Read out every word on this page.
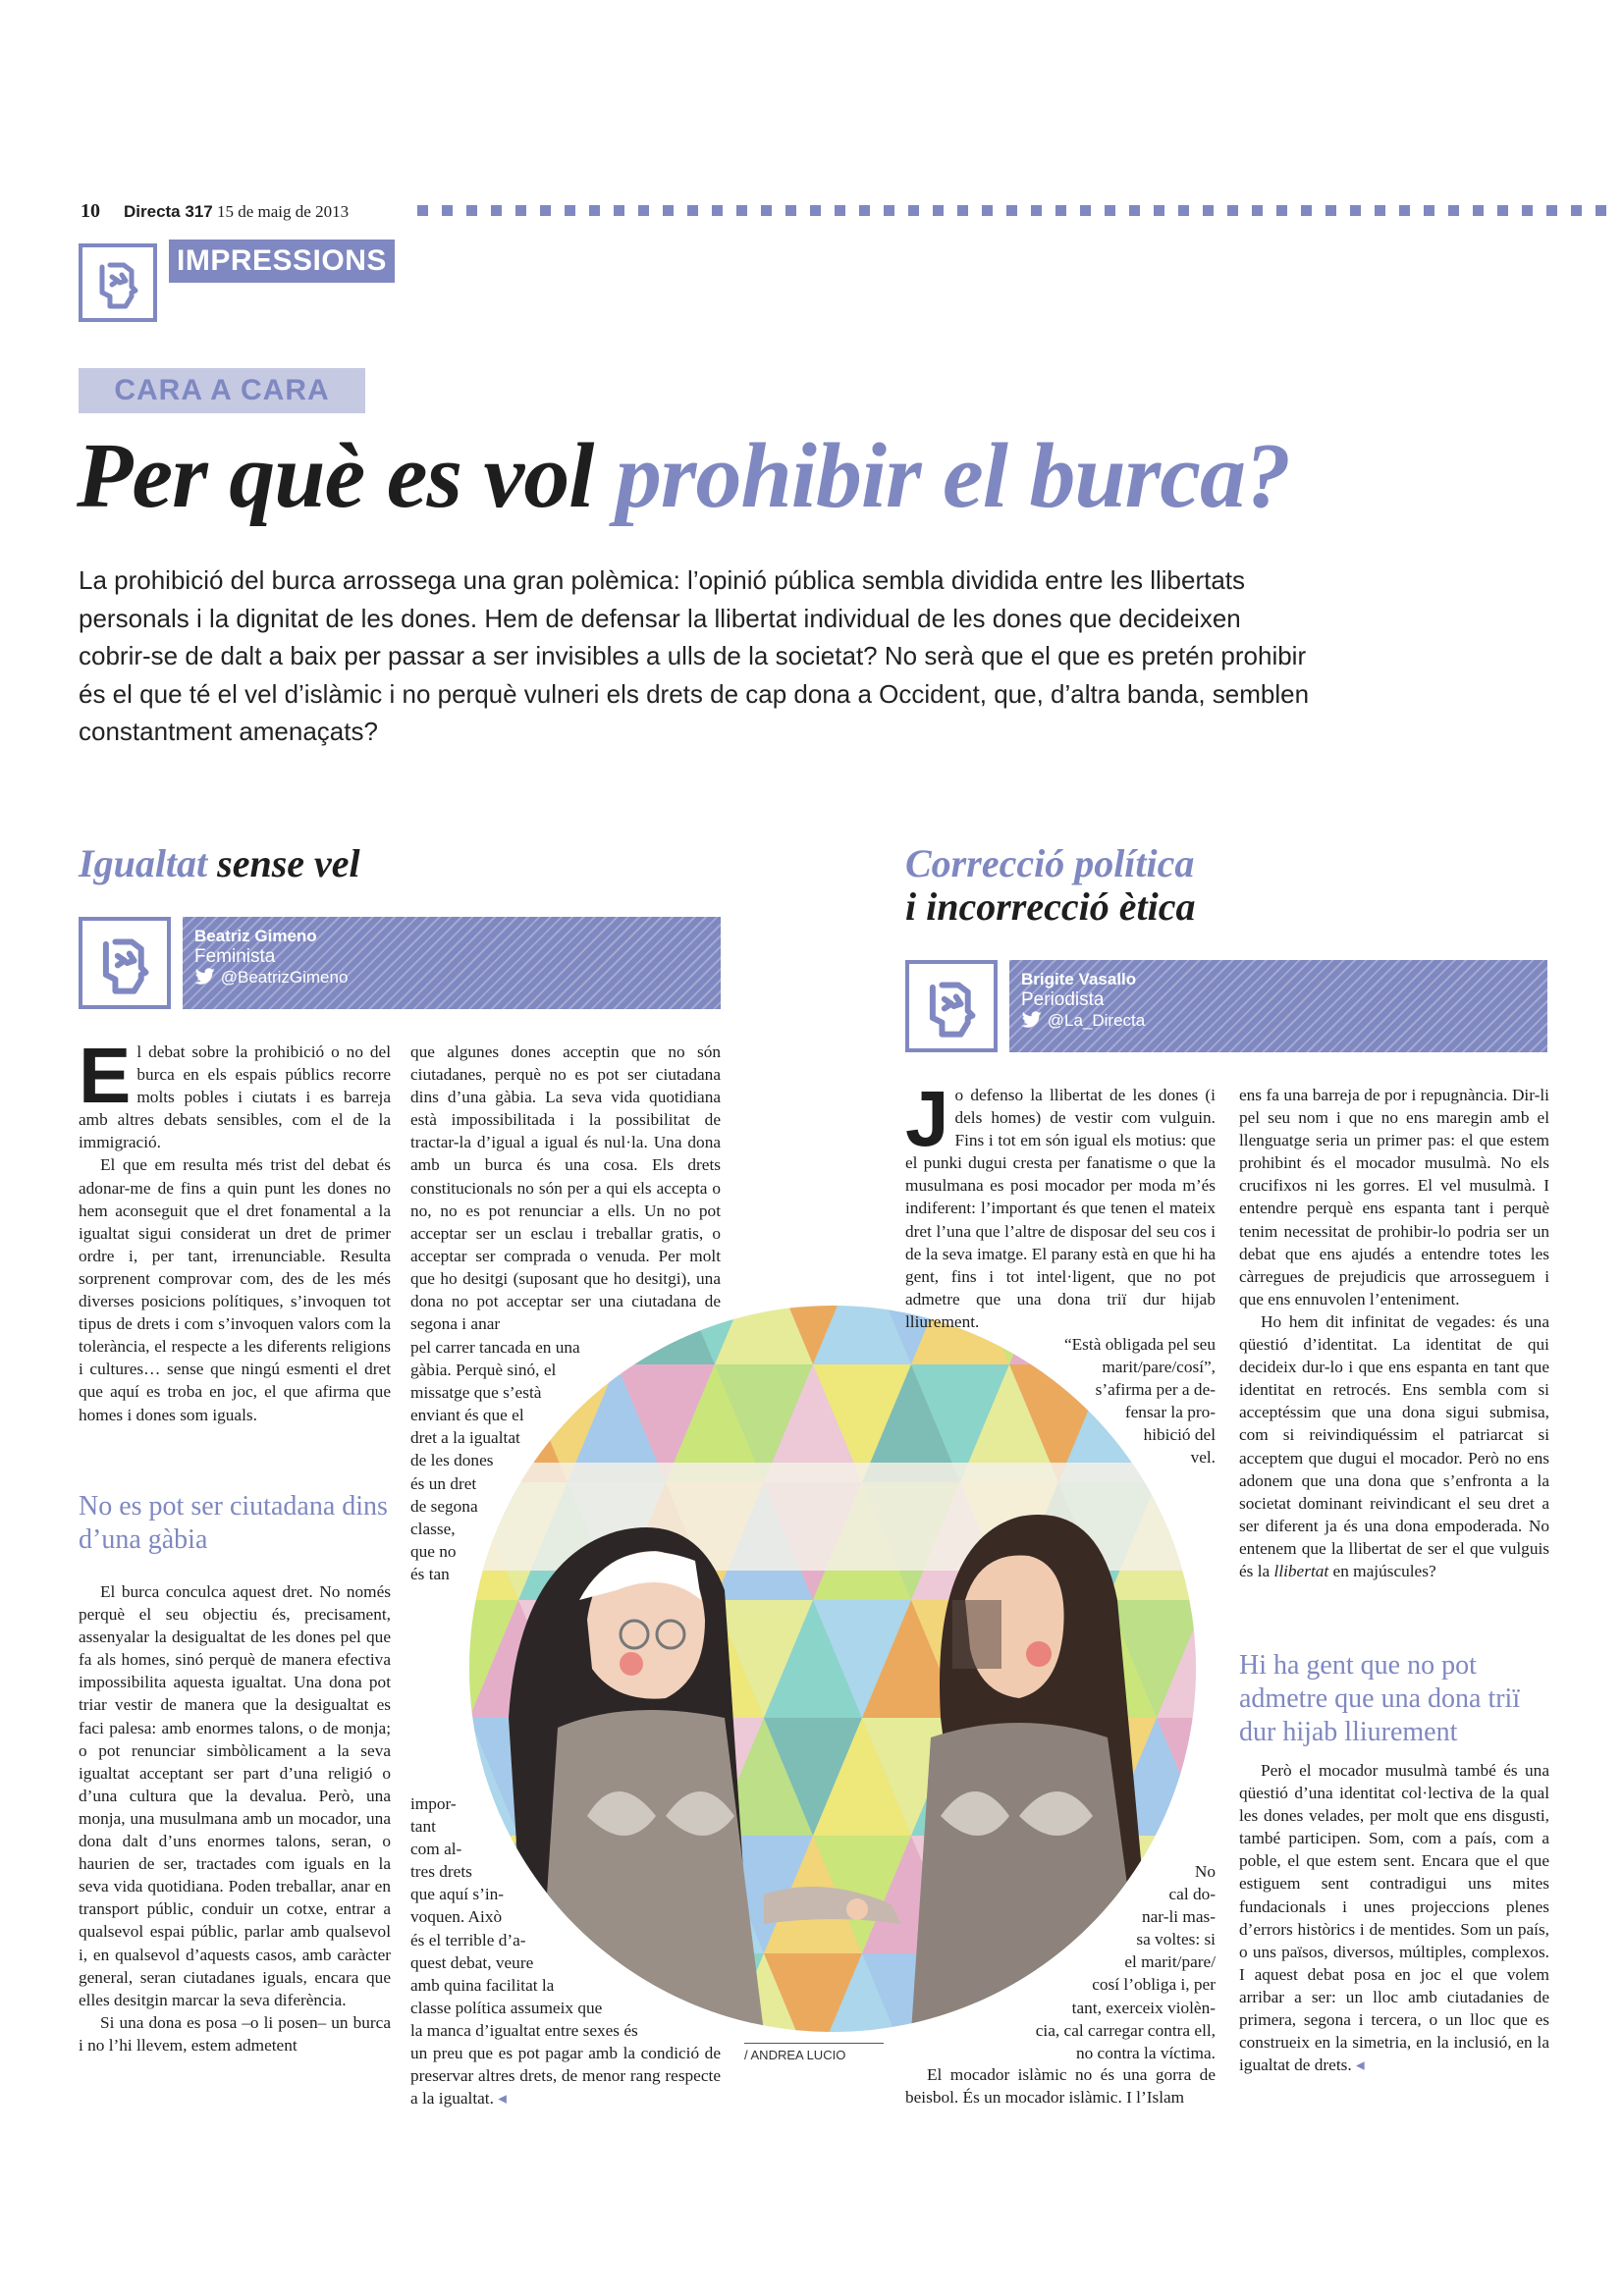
10 Directa 317 15 de maig de 2013
IMPRESSIONS
CARA A CARA
Per què es vol prohibir el burca?
La prohibició del burca arrossega una gran polèmica: l’opinió pública sembla dividida entre les llibertats personals i la dignitat de les dones. Hem de defensar la llibertat individual de les dones que decideixen cobrir-se de dalt a baix per passar a ser invisibles a ulls de la societat? No serà que el que es pretén prohibir és el que té el vel d’islàmic i no perquè vulneri els drets de cap dona a Occident, que, d’altra banda, semblen constantment amenaçats?
Igualtat sense vel
Beatriz Gimeno
Feminista
@BeatrizGimeno

El debat sobre la prohibició o no del burca en els espais públics recorre molts pobles i ciutats i es barreja amb altres debats sensibles, com el de la immigració.

El que em resulta més trist del debat és adonar-me de fins a quin punt les dones no hem aconseguit que el dret fonamental a la igualtat sigui considerat un dret de primer ordre i, per tant, irrenunciable. Resulta sorprenent comprovar com, des de les més diverses posicions polítiques, s’invoquen tot tipus de drets i com s’invoquen valors com la tolerància, el respecte a les diferents religions i cultures… sense que ningú esmenti el dret que aquí es troba en joc, el que afirma que homes i dones som iguals.

No es pot ser ciutadana dins d’una gàbia

El burca conculca aquest dret. No només perquè el seu objectiu és, precisament, assenyalar la desigualtat de les dones pel que fa als homes, sinó perquè de manera efectiva impossibilita aquesta igualtat. Una dona pot triar vestir de manera que la desigualtat es faci palesa: amb enormes talons, o de monja; o pot renunciar simbòlicament a la seva igualtat acceptant ser part d’una religió o d’una cultura que la devalua. Però, una monja, una musulmana amb un mocador, una dona dalt d’uns enormes talons, seran, o haurien de ser, tractades com iguals en la seva vida quotidiana. Poden treballar, anar en transport públic, conduir un cotxe, entrar a qualsevol espai públic, parlar amb qualsevol i, en qualsevol d’aquests casos, amb caràcter general, seran ciutadanes iguals, encara que elles desitgin marcar la seva diferència.

Si una dona es posa –o li posen– un burca i no l’hi llevem, estem admetent

que algunes dones acceptin que no són ciutadanes, perquè no es pot ser ciutadana dins d’una gàbia. La seva vida quotidiana està impossibilitada i la possibilitat de tractar-la d’igual a igual és nul·la. Una dona amb un burca és una cosa. Els drets constitucionals no són per a qui els accepta o no, no es pot renunciar a ells. Un no pot acceptar ser un esclau i treballar gratis, o acceptar ser comprada o venuda. Per molt que ho desitgi (suposant que ho desitgi), una dona no pot acceptar ser una ciutadana de segona i anar
pel carrer tancada en una
gàbia. Perquè sinó, el
missatge que s’està
enviant és que el
dret a la igualtat
de les dones
és un dret
de segona
classe,
que no
és tan
impor-
tant
com al-
tres drets
que aquí s’in-
voquen. Això
és el terrible d’a-
quest debat, veure
amb quina facilitat la
classe política assumeix que
la manca d’igualtat entre sexes és
un preu que es pot pagar amb la condició de preservar altres drets, de menor rang respecte a la igualtat. ◂
/ ANDREA LUCIO
Correcció política
i incorrecció ètica
Brigite Vasallo
Periodista
@La_Directa

Jo defenso la llibertat de les dones (i dels homes) de vestir com vulguin. Fins i tot em són igual els motius: que el punki dugui cresta per fanatisme o que la musulmana es posi mocador per moda m’és indiferent: l’important és que tenen el mateix dret l’una que l’altre de disposar del seu cos i de la seva imatge. El parany està en que hi ha gent, fins i tot intel·ligent, que no pot admetre que una dona triï dur hijab lliurement.

“Està obligada pel seu
marit/pare/cosí”,
s’afirma per a de-
fensar la pro-
hibició del
vel.
No
cal do-
nar-li mas-
sa voltes: si
el marit/pare/
cosí l’obliga i, per
tant, exerceix violèn-
cia, cal carregar contra ell,
no contra la víctima.

El mocador islàmic no és una gorra de beisbol. És un mocador islàmic. I l’Islam

ens fa una barreja de por i repugnància. Dir-li pel seu nom i que no ens maregin amb el llenguatge seria un primer pas: el que estem prohibint és el mocador musulmà. No els crucifixos ni les gorres. El vel musulmà. I entendre perquè ens espanta tant i perquè tenim necessitat de prohibir-lo podria ser un debat que ens ajudés a entendre totes les càrregues de prejudicis que arrosseguem i que ens ennuvolen l’enteniment.

Ho hem dit infinitat de vegades: és una qüestió d’identitat. La identitat de qui decideix dur-lo i que ens espanta en tant que identitat en retrocés. Ens sembla com si acceptéssim que una dona sigui submisa, com si reivindiquéssim el patriarcat si acceptem que dugui el mocador. Però no ens adonem que una dona que s’enfronta a la societat dominant reivindicant el seu dret a ser diferent ja és una dona empoderada. No entenem que la llibertat de ser el que vulguis és la llibertat en majúscules?

Hi ha gent que no pot admetre que una dona triï dur hijab lliurement

Però el mocador musulmà també és una qüestió d’una identitat col·lectiva de la qual les dones velades, per molt que ens disgusti, també participen. Som, com a país, com a poble, el que estem sent. Encara que el que estiguem sent contradigui uns mites fundacionals i unes projeccions plenes d’errors històrics i de mentides. Som un país, o uns països, diversos, múltiples, complexos. I aquest debat posa en joc el que volem arribar a ser: un lloc amb ciutadanies de primera, segona i tercera, o un lloc que es construeix en la simetria, en la inclusió, en la igualtat de drets. ◂
